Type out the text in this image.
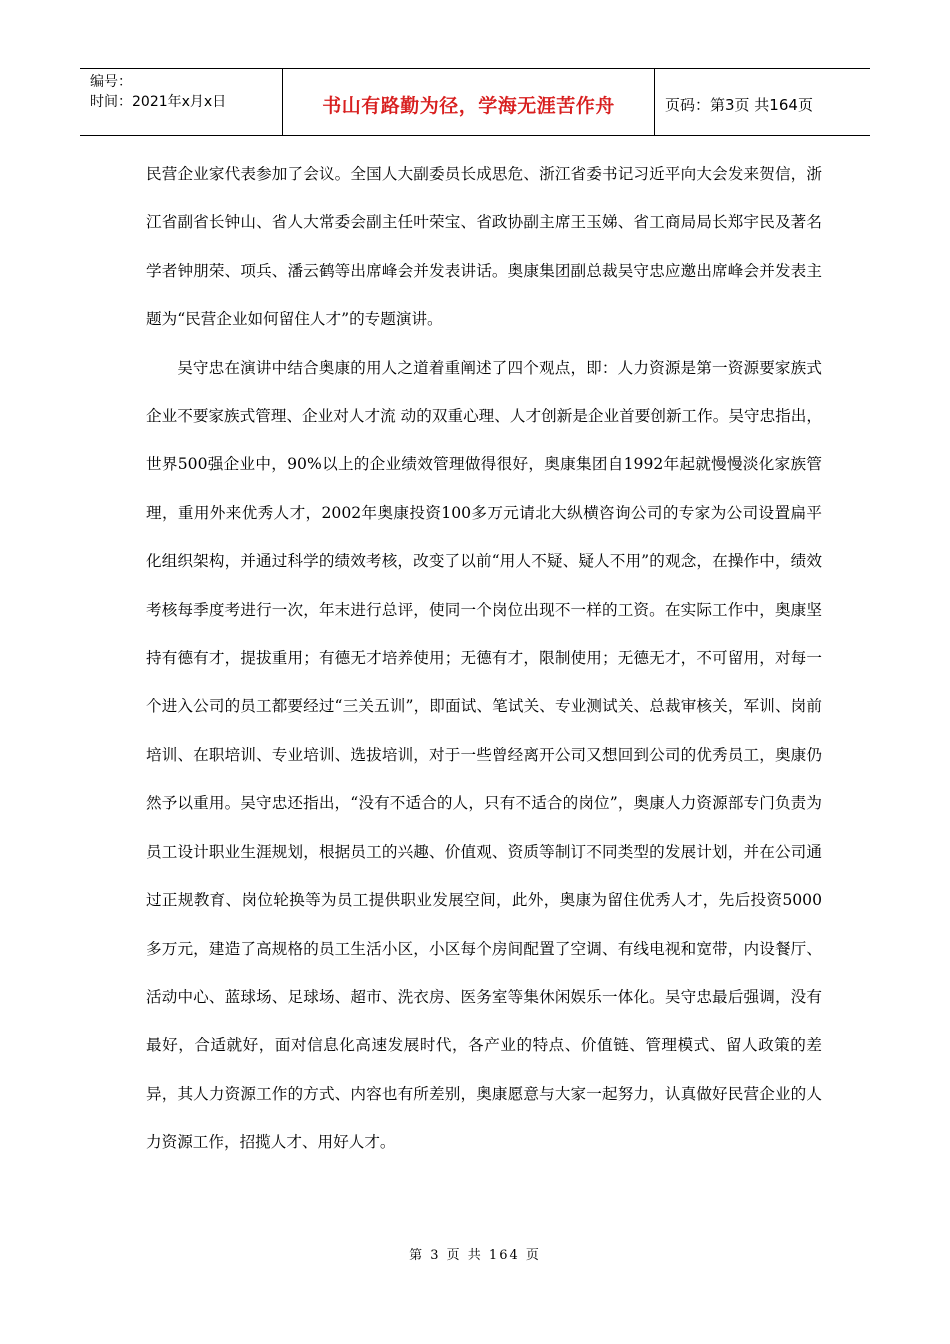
编号：
时间：2021年x月x日	书山有路勤为径，学海无涯苦作舟	页码：第3页 共164页

民营企业家代表参加了会议。全国人大副委员长成思危、浙江省委书记习近平向大会发来贺信，浙江省副省长钟山、省人大常委会副主任叶荣宝、省政协副主席王玉娣、省工商局局长郑宇民及著名学者钟朋荣、项兵、潘云鹤等出席峰会并发表讲话。奥康集团副总裁吴守忠应邀出席峰会并发表主题为“民营企业如何留住人才”的专题演讲。

吴守忠在演讲中结合奥康的用人之道着重阐述了四个观点，即：人力资源是第一资源要家族式企业不要家族式管理、企业对人才流 动的双重心理、人才创新是企业首要创新工作。吴守忠指出，世界500强企业中，90%以上的企业绩效管理做得很好，奥康集团自1992年起就慢慢淡化家族管理，重用外来优秀人才，2002年奥康投资100多万元请北大纵横咨询公司的专家为公司设置扁平化组织架构，并通过科学的绩效考核，改变了以前“用人不疑、疑人不用”的观念，在操作中，绩效考核每季度考进行一次，年末进行总评，使同一个岗位出现不一样的工资。在实际工作中，奥康坚持有德有才，提拔重用；有德无才培养使用；无德有才，限制使用；无德无才，不可留用，对每一个进入公司的员工都要经过“三关五训”，即面试、笔试关、专业测试关、总裁审核关，军训、岗前培训、在职培训、专业培训、选拔培训，对于一些曾经离开公司又想回到公司的优秀员工，奥康仍然予以重用。吴守忠还指出，“没有不适合的人，只有不适合的岗位”，奥康人力资源部专门负责为员工设计职业生涯规划，根据员工的兴趣、价值观、资质等制订不同类型的发展计划，并在公司通过正规教育、岗位轮换等为员工提供职业发展空间，此外，奥康为留住优秀人才，先后投资5000多万元，建造了高规格的员工生活小区，小区每个房间配置了空调、有线电视和宽带，内设餐厅、活动中心、蓝球场、足球场、超市、洗衣房、医务室等集休闲娱乐一体化。吴守忠最后强调，没有最好，合适就好，面对信息化高速发展时代，各产业的特点、价值链、管理模式、留人政策的差异，其人力资源工作的方式、内容也有所差别，奥康愿意与大家一起努力，认真做好民营企业的人力资源工作，招揽人才、用好人才。

第 3 页 共 164 页
